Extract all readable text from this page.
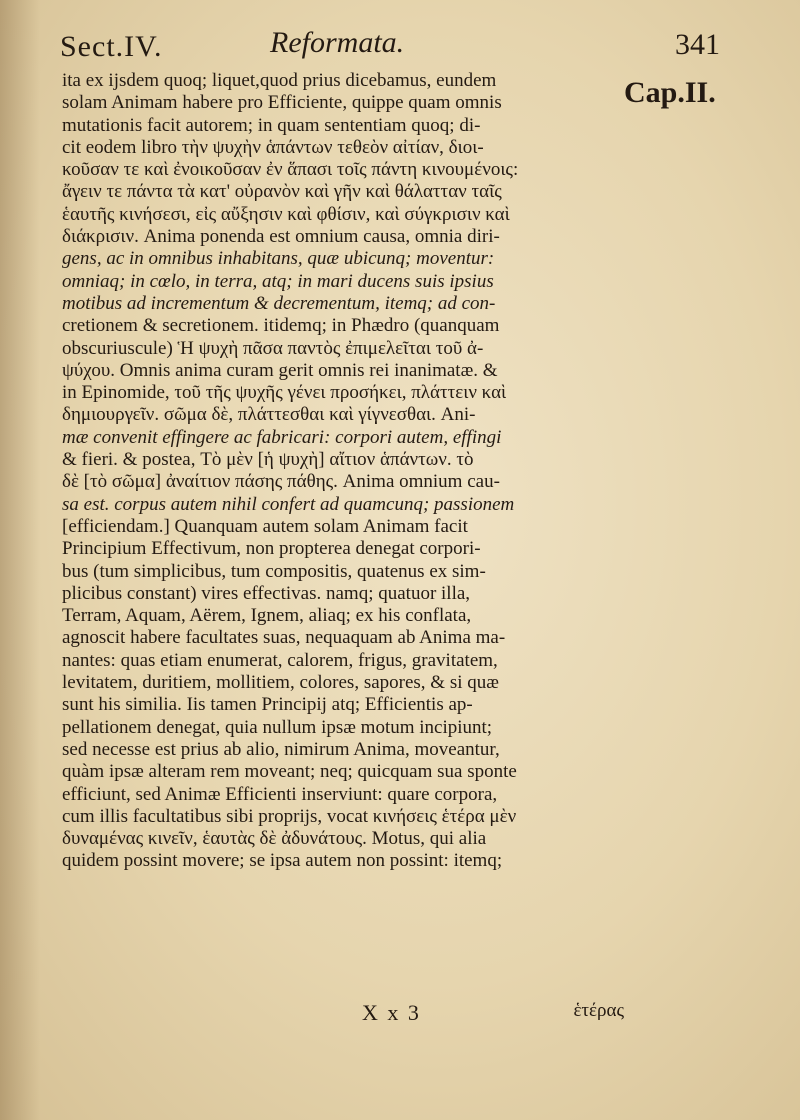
Sect.IV.	Reformata.	341
Cap.II.
ita ex ijsdem quoq; liquet,quod prius dicebamus, eundem
solam Animam habere pro Efficiente, quippe quam omnis
mutationis facit autorem; in quam sententiam quoq; di-
cit eodem libro τὴν ψυχὴν ἁπάντων τεθεὸν αἰτίαν, διοι-
κοῦσαν τε καὶ ἐνοικοῦσαν ἐν ἅπασι τοῖς πάντη κινουμένοις:
ἄγειν τε πάντα τὰ κατ' οὐρανὸν καὶ γῆν καὶ θάλατταν ταῖς
ἑαυτῆς κινήσεσι, εἰς αὔξησιν καὶ φθίσιν, καὶ σύγκρισιν καὶ
διάκρισιν. Anima ponenda est omnium causa, omnia diri-
gens, ac in omnibus inhabitans, quæ ubicunq; moventur:
omniaq; in cœlo, in terra, atq; in mari ducens suis ipsius
motibus ad incrementum & decrementum, itemq; ad con-
cretionem & secretionem. itidemq; in Phædro (quanquam
obscuriuscule) Ἡ ψυχὴ πᾶσα παντὸς ἐπιμελεῖται τοῦ ἀ-
ψύχου. Omnis anima curam gerit omnis rei inanimatæ. &
in Epinomide, τοῦ τῆς ψυχῆς γένει προσήκει, πλάττειν καὶ
δημιουργεῖν. σῶμα δὲ, πλάττεσθαι καὶ γίγνεσθαι. Ani-
mæ convenit effingere ac fabricari: corpori autem, effingi
& fieri. & postea, Τὸ μὲν [ἡ ψυχὴ] αἴτιον ἁπάντων. τὸ
δὲ [τὸ σῶμα] ἀναίτιον πάσης πάθης. Anima omnium cau-
sa est. corpus autem nihil confert ad quamcunq; passionem
[efficiendam.] Quanquam autem solam Animam facit
Principium Effectivum, non propterea denegat corpori-
bus (tum simplicibus, tum compositis, quatenus ex sim-
plicibus constant) vires effectivas. namq; quatuor illa,
Terram, Aquam, Aërem, Ignem, aliaq; ex his conflata,
agnoscit habere facultates suas, nequaquam ab Anima ma-
nantes: quas etiam enumerat, calorem, frigus, gravitatem,
levitatem, duritiem, mollitiem, colores, sapores, & si quæ
sunt his similia. Iis tamen Principij atq; Efficientis ap-
pellationem denegat, quia nullum ipsæ motum incipiunt;
sed necesse est prius ab alio, nimirum Anima, moveantur,
quàm ipsæ alteram rem moveant; neq; quicquam sua sponte
efficiunt, sed Animæ Efficienti inserviunt: quare corpora,
cum illis facultatibus sibi proprijs, vocat κινήσεις ἑτέρα μὲν
δυναμένας κινεῖν, ἑαυτὰς δὲ ἀδυνάτους. Motus, qui alia
quidem possint movere; se ipsa autem non possint: itemq;
X x 3	ἑτέρας
